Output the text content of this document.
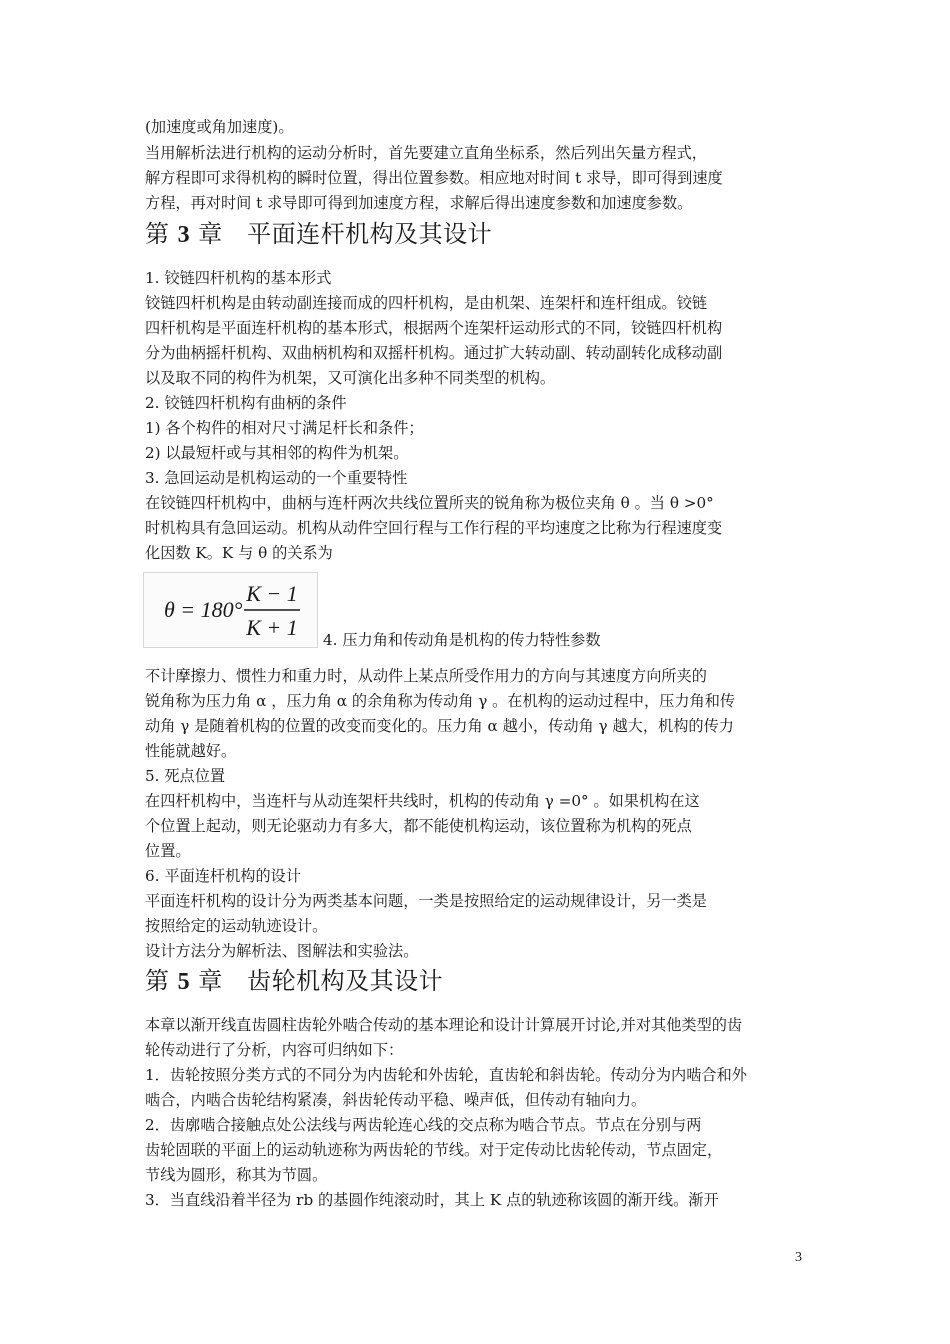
(加速度或角加速度)。
当用解析法进行机构的运动分析时，首先要建立直角坐标系，然后列出矢量方程式，
解方程即可求得机构的瞬时位置，得出位置参数。相应地对时间 t 求导，即可得到速度
方程，再对时间 t 求导即可得到加速度方程，求解后得出速度参数和加速度参数。
第 3 章 平面连杆机构及其设计
1. 铰链四杆机构的基本形式
铰链四杆机构是由转动副连接而成的四杆机构，是由机架、连架杆和连杆组成。铰链
四杆机构是平面连杆机构的基本形式，根据两个连架杆运动形式的不同，铰链四杆机构
分为曲柄摇杆机构、双曲柄机构和双摇杆机构。通过扩大转动副、转动副转化成移动副
以及取不同的构件为机架，又可演化出多种不同类型的机构。
2. 铰链四杆机构有曲柄的条件
1) 各个构件的相对尺寸满足杆长和条件；
2) 以最短杆或与其相邻的构件为机架。
3. 急回运动是机构运动的一个重要特性
在铰链四杆机构中，曲柄与连杆两次共线位置所夹的锐角称为极位夹角 θ 。当 θ >0°
时机构具有急回运动。机构从动件空回行程与工作行程的平均速度之比称为行程速度变
化因数 K。K 与 θ 的关系为
θ = 180°
K − 1
K + 1 4. 压力角和传动角是机构的传力特性参数
不计摩擦力、惯性力和重力时，从动件上某点所受作用力的方向与其速度方向所夹的
锐角称为压力角 α ，压力角 α 的余角称为传动角 γ 。在机构的运动过程中，压力角和传
动角 γ 是随着机构的位置的改变而变化的。压力角 α 越小，传动角 γ 越大，机构的传力
性能就越好。
5. 死点位置
在四杆机构中，当连杆与从动连架杆共线时，机构的传动角 γ =0° 。如果机构在这
个位置上起动，则无论驱动力有多大，都不能使机构运动，该位置称为机构的死点
位置。
6. 平面连杆机构的设计
平面连杆机构的设计分为两类基本问题，一类是按照给定的运动规律设计，另一类是
按照给定的运动轨迹设计。
设计方法分为解析法、图解法和实验法。
第 5 章 齿轮机构及其设计
本章以渐开线直齿圆柱齿轮外啮合传动的基本理论和设计计算展开讨论,并对其他类型的齿
轮传动进行了分析，内容可归纳如下：
1．齿轮按照分类方式的不同分为内齿轮和外齿轮，直齿轮和斜齿轮。传动分为内啮合和外
啮合，内啮合齿轮结构紧凑，斜齿轮传动平稳、噪声低，但传动有轴向力。
2．齿廓啮合接触点处公法线与两齿轮连心线的交点称为啮合节点。节点在分别与两
齿轮固联的平面上的运动轨迹称为两齿轮的节线。对于定传动比齿轮传动，节点固定，
节线为圆形，称其为节圆。
3．当直线沿着半径为 rb 的基圆作纯滚动时，其上 K 点的轨迹称该圆的渐开线。渐开
3
